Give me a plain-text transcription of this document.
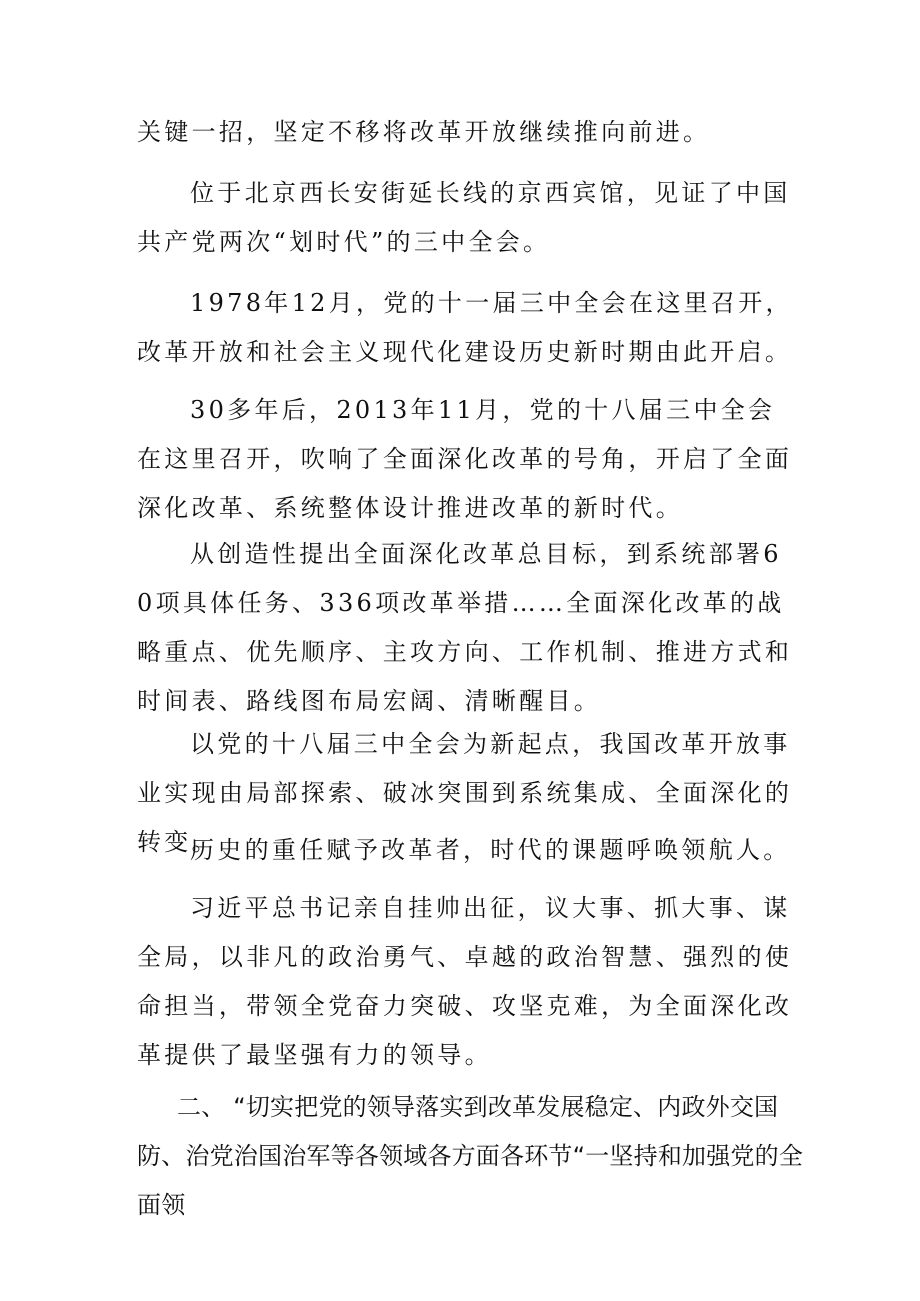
关键一招，坚定不移将改革开放继续推向前进。

位于北京西长安街延长线的京西宾馆，见证了中国共产党两次“划时代”的三中全会。

1978年12月，党的十一届三中全会在这里召开，改革开放和社会主义现代化建设历史新时期由此开启。

30多年后，2013年11月，党的十八届三中全会在这里召开，吹响了全面深化改革的号角，开启了全面深化改革、系统整体设计推进改革的新时代。

从创造性提出全面深化改革总目标，到系统部署60项具体任务、336项改革举措……全面深化改革的战略重点、优先顺序、主攻方向、工作机制、推进方式和时间表、路线图布局宏阔、清晰醒目。

以党的十八届三中全会为新起点，我国改革开放事业实现由局部探索、破冰突围到系统集成、全面深化的转变。

历史的重任赋予改革者，时代的课题呼唤领航人。

习近平总书记亲自挂帅出征，议大事、抓大事、谋全局，以非凡的政治勇气、卓越的政治智慧、强烈的使命担当，带领全党奋力突破、攻坚克难，为全面深化改革提供了最坚强有力的领导。

二、 “切实把党的领导落实到改革发展稳定、内政外交国防、治党治国治军等各领域各方面各环节“一坚持和加强党的全面领
